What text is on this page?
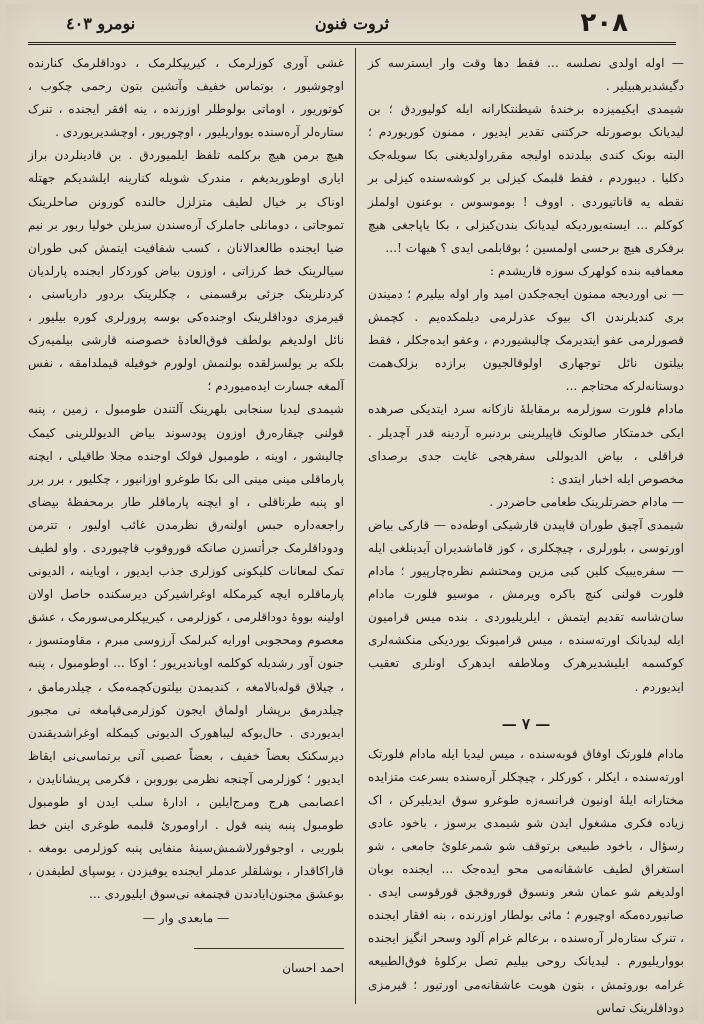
٢٠٨
ثروت فنون
نومرو ٤٠٣

— اوله اولدی نصلسه ... فقط دها وقت وار ایسترسه کز دگیشدیرهبیلیر .

شیمدی ایکیمیزده برخندهٔ شیطنتکارانه ایله کولیوردق ؛ بن لیدیانک بوصورتله حرکتنی تقدیر ایدیور ، ممنون کوریوردم ؛ البته بونک کندی بیلدنده اولیجه مقرراولدیغنی بکا سویله‌جک دکلیا . دیبوردم ، فقط قلبمک کیزلی بر کوشه‌سنده کیزلی بر نقطه یه قاناتیوردی . اووف ! بوموسوس ، بوعنون اولملز کوکلم ... ایسته‌یوردیکه لیدیانک بندن‌کیزلی ، بکا یاپاجغی هیچ برفکری هیچ برحسی اولمسین ؛ بوقابلمی ایدی ؟ هیهات !...

معمافیه بنده کولهرک سوزه قاریشدم :

— نی اوردیجه ممنون ایجه‌جکدن امید وار اوله بیلیرم ؛ دمیندن بری کندیلرندن اک بیوک عذرلرمی دیلمکده‌یم . کچمش قصورلرمی عفو ایتدیرمک چالیشیوردم ، وعفو ایده‌جکلر ، فقط بیلتون نائل توجهاری اولوقالجیون برازده بزلک‌همت دوستانه‌لرکه محتاجم ...

مادام فلورت سوزلرمه برمقابلهٔ نازکانه سرد ایتدیکی صرهده ایکی خدمتکار صالونک قاپیلرینی بردنبره آردینه قدر آچدیلر . فراقلی ، بیاض الدیوللی سفرهجی غایت جدی برصدای مخصوص ایله اخبار ایتدی :

— مادام حضرتلرینک طعامی حاضردر .

شیمدی آچیق طوران قاپیدن قارشیکی اوطه‌ده — قارکی بیاض اورتوسی ، بلورلری ، چیچکلری ، کوز قاماشدیران آیدینلغی ایله — سفره‌یبیک کلین کبی مزین ومحتشم نظره‌چارپیور ؛ مادام فلورت قولنی کنچ باکره ویرمش ، موسیو فلورت مادام سان‌شاسه تقدیم ایتمش ، ایلریلیوردی . بنده میس قرامیون ایله لیدیانک اورته‌سنده ، میس قرامیونک یوردیکی منکشه‌لری کوکسمه ایلیشدیرهرک وملاطفه ایدهرک اونلری تعقیب ایدیوردم .

— ۷ —

مادام فلورتک اوفاق قوبه‌سنده ، میس لیدیا ایله مادام فلورتک اورته‌سنده ، ایکلر ، کورکلر ، چیچکلر آره‌سنده بسرعت متزایده مختارانه ایلهٔ اونیون فرانسه‌زه طوغرو سوق ایدیلیرکن ، اک زیاده فکری مشغول ایدن شو شیمدی برسوز ، باخود عادی رسؤال ، باخود طبیعی برتوقف شو شمرعلویٔ جامعی ، شو استغراق لطیف عاشقانه‌می محو ایده‌جک ... ایجنده بوبان اولدیغم شو عمان شعر ونسوق قوروقجق قورقوسی ایدی . صانیورده‌مکه اوچیورم ؛ مائی بولطار اوزرنده ، بنه افقار ایجنده ، تنرک ستاره‌لر آره‌سنده ، برعالم غرام آلود وسحر انگیز ایجنده بوواریلیورم . لیدیانک روحی بیلیم تصل برکلوهٔ فوق‌الطبیعه غرامه بوروتمش ، بتون هویت عاشقانه‌می اورتیور ؛ قیرمزی دوداقلرینک تماس

غشی آوری کوزلرمک ، کیریپکلرمک ، دوداقلرمک کنارنده اوچوشیور ، بوتماس خفیف وآتشین بتون رحمی چکوب ، کوتوریور ، اوماتی بولوطلر اوزرنده ، ینه افقر ایجنده ، تنرک ستاره‌لر آره‌سنده یوواریلیور ، اوچوریور ، اوچشدیریوردی .

هیچ برمن هیچ برکلمه تلفظ ایلمیوردق . بن قادینلردن براز ایاری اوطوریدیغم ، مندرک شویله کنارینه ایلشدیکم جهتله اوناک بر خیال لطیف متزلزل حالنده کورونن صاحلرینک تموجاتی ، دومانلی جاملرک آره‌سندن سزیلن خولیا ربور بر نیم ضیا ایجنده طالعدالانان ، کسب شفافیت ایتمش کبی طوران سیالرینک خط کرزاتی ، اوزون بیاض کوردکار ایجنده پارلدیان کردنلرینک جزئی برقسمنی ، چکلرینک بردور داریاسنی ، قیرمزی دوداقلرینک اوجنده‌کی بوسه پرورلری کوره بیلیور ، نائل اولدیغم بولطف فوق‌العادهٔ خصوصنه قارشی بیلمیه‌رک بلکه بر یولسزلقده بولنمش اولورم خوفیله قیملدامقه ، نفس آلمغه جسارت ایده‌میوردم ؛

شیمدی لیدیا سنجابی بلهرینک آلتندن طومبول ، زمین ، پنبه قولنی چیقاره‌رق اوزون پودسوند بیاض الدیوللرینی کیمک چالیشور ، اوینه ، طومبول قولک اوجنده مجلا طاقیلی ، ایچنه پارماقلی مینی مینی الی بکا طوغرو اوزانیور ، چکلیور ، برر برر او پنبه طرناقلی ، او ایچنه پارماقلر طار برمحفظهٔ بیضای راجعه‌داره حبس اولنه‌رق نظرمدن غائب اولیور ، تترمن ودوداقلرمک جرأتسزن صانکه قوروقوب قاچیوردی . واو لطیف تمک لمعانات کلیکونی کوزلری جذب ایدیور ، اویاینه ، الدیونی پارماقلره ایچه کیرمکله اوغراشیرکن دیرسکنده حاصل اولان اولینه بووهٔ دوداقلرمی ، کوزلرمی ، کیریپکلرمی‌سورمک ، عشق معصوم ومحجوبی اورایه کبرلمک آرزوسی مبرم ، مقاومتسوز ، جنون آور رشدیله کوکلمه اویاندیریور ؛ اوکا ... اوطومبول ، پنبه ، چیلاق قوله‌بالامغه ، کندیمدن بیلتون‌کچمه‌مک ، چیلدرمامق ، چیلدرمق برپشار اولماق ایجون کوزلرمی‌قپامغه نی مجبور ایدیوردی . حال‌بوکه لیباهورک الدیونی کیمکله اوغراشدیقندن دیرسکنک بعضاً خفیف ، بعضاً عصبی آنی برتماسی‌نی ایقاظ ایدیور ؛ کوزلرمی آچنجه نظرمی بوروبن ، فکرمی پریشانایدن ، اعصابمی هرج ومرج‌ایلین ، ادارهٔ سلب ایدن او طومبول طومبول پنبه پنبه قول . اراومورئ قلبمه طوغری اینن خط بلوریی ، اوجوقورلاشمش‌سینهٔ منفایی پنبه کوزلرمی بومغه . قاراکاقدار ، بوشلقلر عدملر ایجنده یوفیزدن ، یوسپای لطیفدن ، بوعشق مجنون‌ایادندن قچنمغه نی‌سوق ایلیوردی ...

— مابعدی وار —
احمد احسان
